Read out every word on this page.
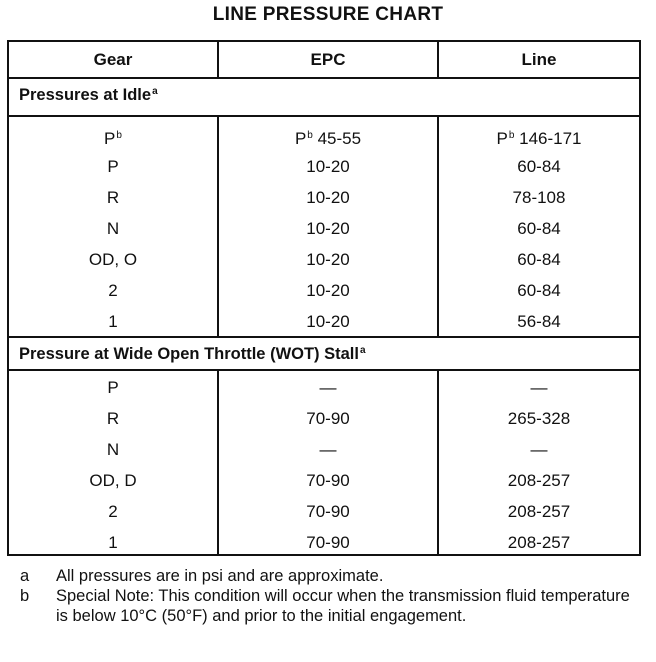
LINE PRESSURE CHART
Gear	EPC	Line
Pressures at Idle$^a$
$P^b$	$P^b$ 45-55	$P^b$ 146-171
P	10-20	60-84
R	10-20	78-108
N	10-20	60-84
OD, O	10-20	60-84
2	10-20	60-84
1	10-20	56-84
Pressure at Wide Open Throttle (WOT) Stall$^a$
P	—	—
R	70-90	265-328
N	—	—
OD, D	70-90	208-257
2	70-90	208-257
1	70-90	208-257
a	All pressures are in psi and are approximate.
b	Special Note: This condition will occur when the transmission fluid temperature is below 10°C (50°F) and prior to the initial engagement.
